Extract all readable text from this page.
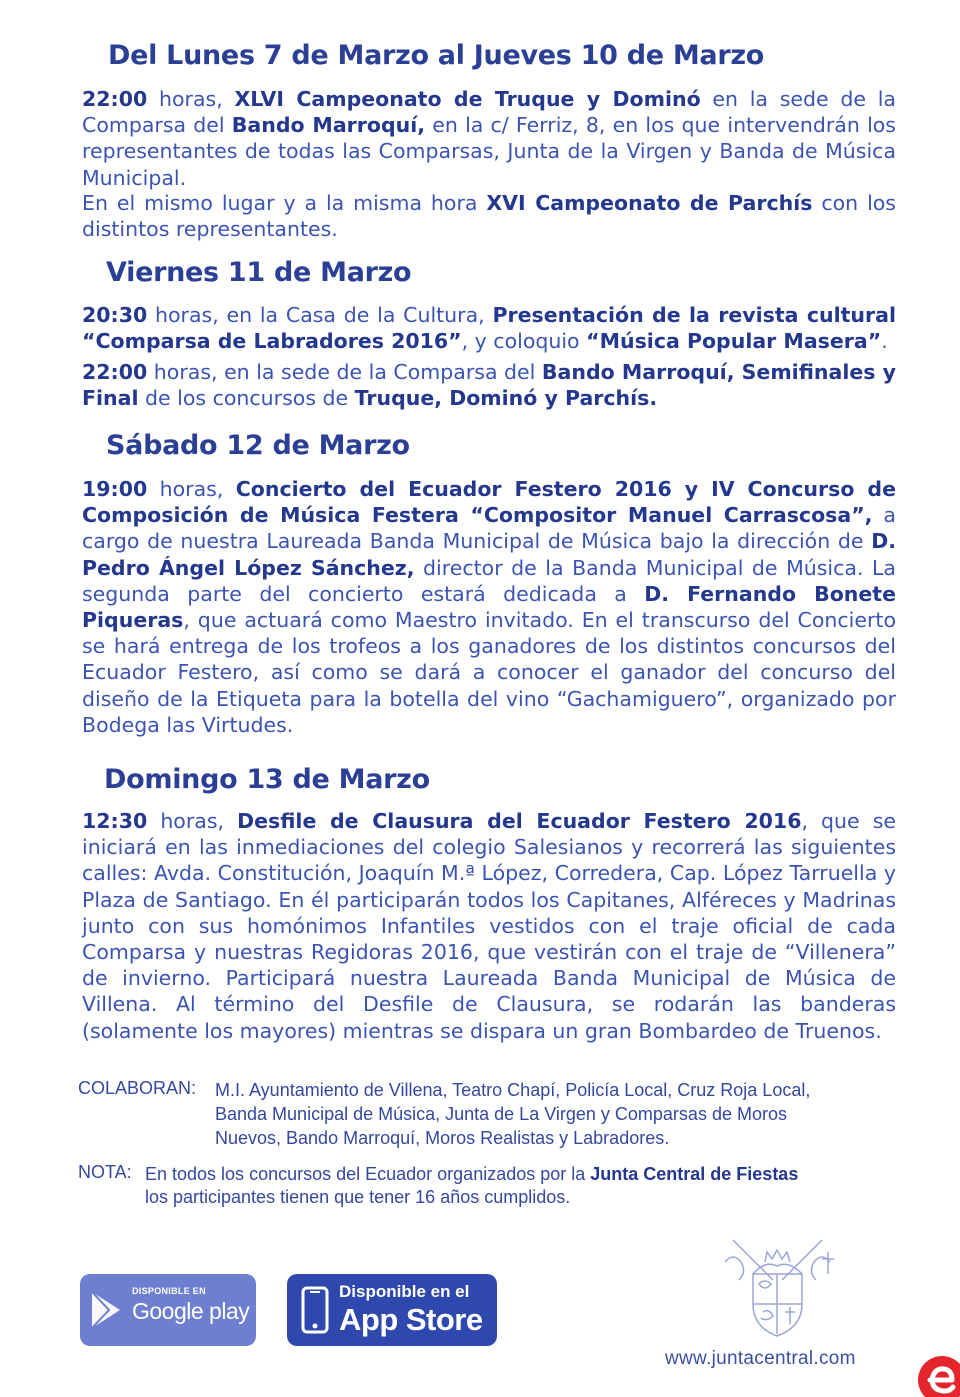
Del Lunes 7 de Marzo al Jueves 10 de Marzo

22:00 horas, XLVI Campeonato de Truque y Dominó en la sede de la Comparsa del Bando Marroquí, en la c/ Ferriz, 8, en los que intervendrán los representantes de todas las Comparsas, Junta de la Virgen y Banda de Música Municipal.

En el mismo lugar y a la misma hora XVI Campeonato de Parchís con los distintos representantes.

Viernes 11 de Marzo

20:30 horas, en la Casa de la Cultura, Presentación de la revista cultural “Comparsa de Labradores 2016”, y coloquio “Música Popular Masera”.

22:00 horas, en la sede de la Comparsa del Bando Marroquí, Semifinales y Final de los concursos de Truque, Dominó y Parchís.

Sábado 12 de Marzo

19:00 horas, Concierto del Ecuador Festero 2016 y IV Concurso de Composición de Música Festera “Compositor Manuel Carrascosa”, a cargo de nuestra Laureada Banda Municipal de Música bajo la dirección de D. Pedro Ángel López Sánchez, director de la Banda Municipal de Música. La segunda parte del concierto estará dedicada a D. Fernando Bonete Piqueras, que actuará como Maestro invitado. En el transcurso del Concierto se hará entrega de los trofeos a los ganadores de los distintos concursos del Ecuador Festero, así como se dará a conocer el ganador del concurso del diseño de la Etiqueta para la botella del vino “Gachamiguero”, organizado por Bodega las Virtudes.

Domingo 13 de Marzo

12:30 horas, Desfile de Clausura del Ecuador Festero 2016, que se iniciará en las inmediaciones del colegio Salesianos y recorrerá las siguientes calles: Avda. Constitución, Joaquín M.ª López, Corredera, Cap. López Tarruella y Plaza de Santiago. En él participarán todos los Capitanes, Alféreces y Madrinas junto con sus homónimos Infantiles vestidos con el traje oficial de cada Comparsa y nuestras Regidoras 2016, que vestirán con el traje de “Villenera” de invierno. Participará nuestra Laureada Banda Municipal de Música de Villena. Al término del Desfile de Clausura, se rodarán las banderas (solamente los mayores) mientras se dispara un gran Bombardeo de Truenos.

COLABORAN: M.I. Ayuntamiento de Villena, Teatro Chapí, Policía Local, Cruz Roja Local,
Banda Municipal de Música, Junta de La Virgen y Comparsas de Moros
Nuevos, Bando Marroquí, Moros Realistas y Labradores.
NOTA: En todos los concursos del Ecuador organizados por la Junta Central de Fiestas
los participantes tienen que tener 16 años cumplidos.
DISPONIBLE EN
Google play
Disponible en el
App Store
www.juntacentral.com
